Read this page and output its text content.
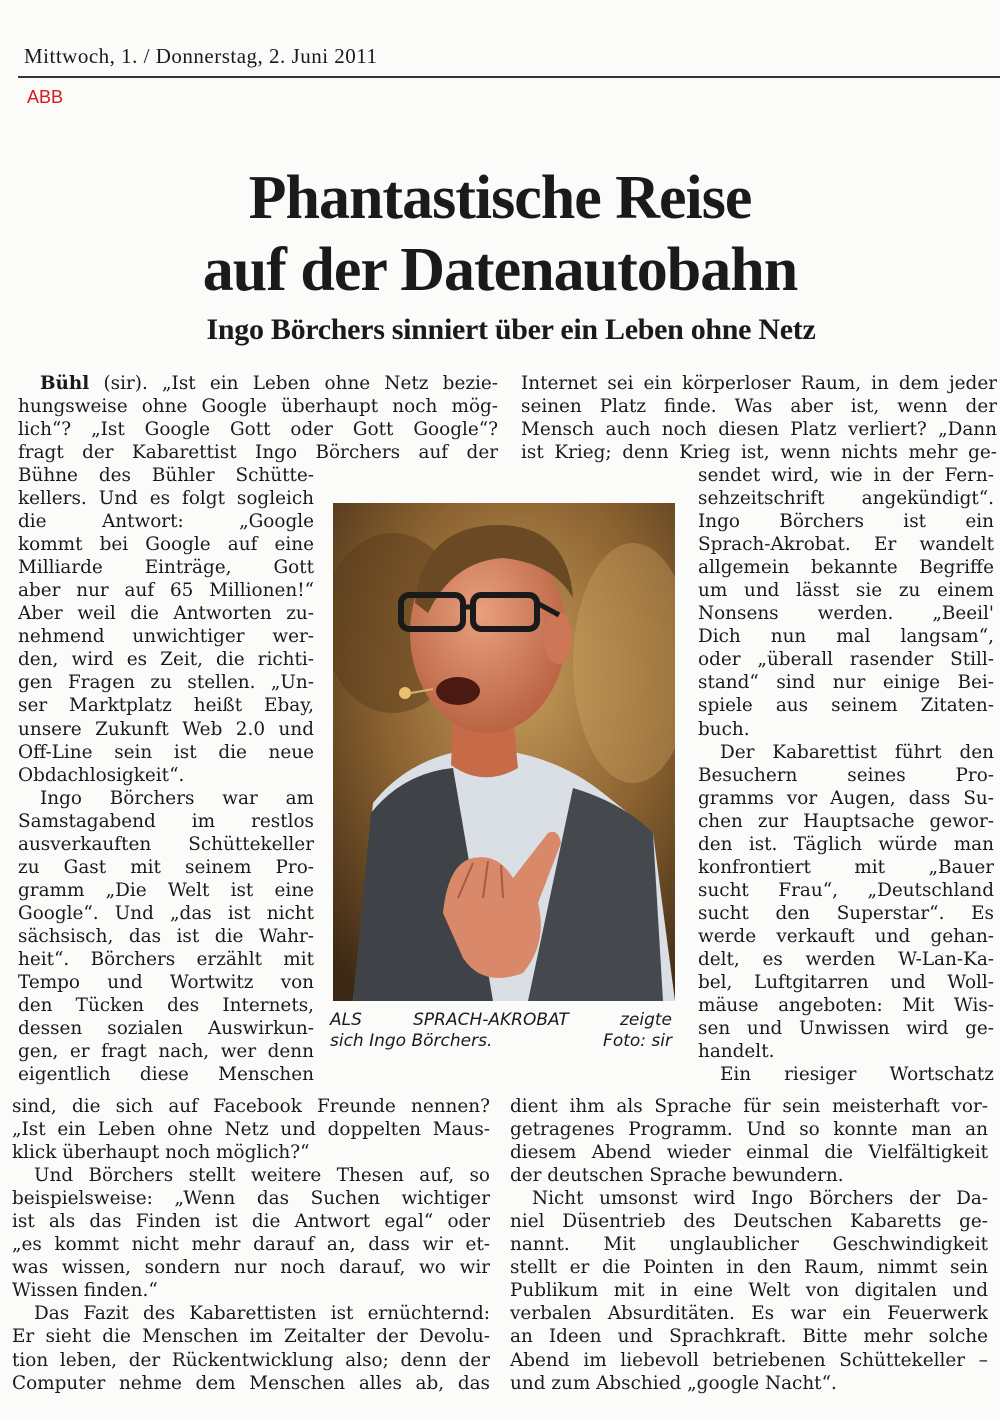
Mittwoch, 1. / Donnerstag, 2. Juni 2011
ABB
Phantastische Reise
auf der Datenautobahn
Ingo Börchers sinniert über ein Leben ohne Netz
Bühl (sir). „Ist ein Leben ohne Netz bezie-
hungsweise ohne Google überhaupt noch mög-
lich“? „Ist Google Gott oder Gott Google“?
fragt der Kabarettist Ingo Börchers auf der
Bühne des Bühler Schütte-
kellers. Und es folgt sogleich
die Antwort: „Google
kommt bei Google auf eine
Milliarde Einträge, Gott
aber nur auf 65 Millionen!“
Aber weil die Antworten zu-
nehmend unwichtiger wer-
den, wird es Zeit, die richti-
gen Fragen zu stellen. „Un-
ser Marktplatz heißt Ebay,
unsere Zukunft Web 2.0 und
Off-Line sein ist die neue
Obdachlosigkeit“.
Ingo Börchers war am
Samstagabend im restlos
ausverkauften Schüttekeller
zu Gast mit seinem Pro-
gramm „Die Welt ist eine
Google“. Und „das ist nicht
sächsisch, das ist die Wahr-
heit“. Börchers erzählt mit
Tempo und Wortwitz von
den Tücken des Internets,
dessen sozialen Auswirkun-
gen, er fragt nach, wer denn
eigentlich diese Menschen
sind, die sich auf Facebook Freunde nennen?
„Ist ein Leben ohne Netz und doppelten Maus-
klick überhaupt noch möglich?“
Und Börchers stellt weitere Thesen auf, so
beispielsweise: „Wenn das Suchen wichtiger
ist als das Finden ist die Antwort egal“ oder
„es kommt nicht mehr darauf an, dass wir et-
was wissen, sondern nur noch darauf, wo wir
Wissen finden.“
Das Fazit des Kabarettisten ist ernüchternd:
Er sieht die Menschen im Zeitalter der Devolu-
tion leben, der Rückentwicklung also; denn der
Computer nehme dem Menschen alles ab, das
Internet sei ein körperloser Raum, in dem jeder
seinen Platz finde. Was aber ist, wenn der
Mensch auch noch diesen Platz verliert? „Dann
ist Krieg; denn Krieg ist, wenn nichts mehr ge-
sendet wird, wie in der Fern-
sehzeitschrift angekündigt“.
Ingo Börchers ist ein
Sprach-Akrobat. Er wandelt
allgemein bekannte Begriffe
um und lässt sie zu einem
Nonsens werden. „Beeil'
Dich nun mal langsam“,
oder „überall rasender Still-
stand“ sind nur einige Bei-
spiele aus seinem Zitaten-
buch.
Der Kabarettist führt den
Besuchern seines Pro-
gramms vor Augen, dass Su-
chen zur Hauptsache gewor-
den ist. Täglich würde man
konfrontiert mit „Bauer
sucht Frau“, „Deutschland
sucht den Superstar“. Es
werde verkauft und gehan-
delt, es werden W-Lan-Ka-
bel, Luftgitarren und Woll-
mäuse angeboten: Mit Wis-
sen und Unwissen wird ge-
handelt.
Ein riesiger Wortschatz
dient ihm als Sprache für sein meisterhaft vor-
getragenes Programm. Und so konnte man an
diesem Abend wieder einmal die Vielfältigkeit
der deutschen Sprache bewundern.
Nicht umsonst wird Ingo Börchers der Da-
niel Düsentrieb des Deutschen Kabaretts ge-
nannt. Mit unglaublicher Geschwindigkeit
stellt er die Pointen in den Raum, nimmt sein
Publikum mit in eine Welt von digitalen und
verbalen Absurditäten. Es war ein Feuerwerk
an Ideen und Sprachkraft. Bitte mehr solche
Abend im liebevoll betriebenen Schüttekeller –
und zum Abschied „google Nacht“.
ALS	SPRACH-AKROBAT	zeigte
sich Ingo Börchers.	Foto: sir
